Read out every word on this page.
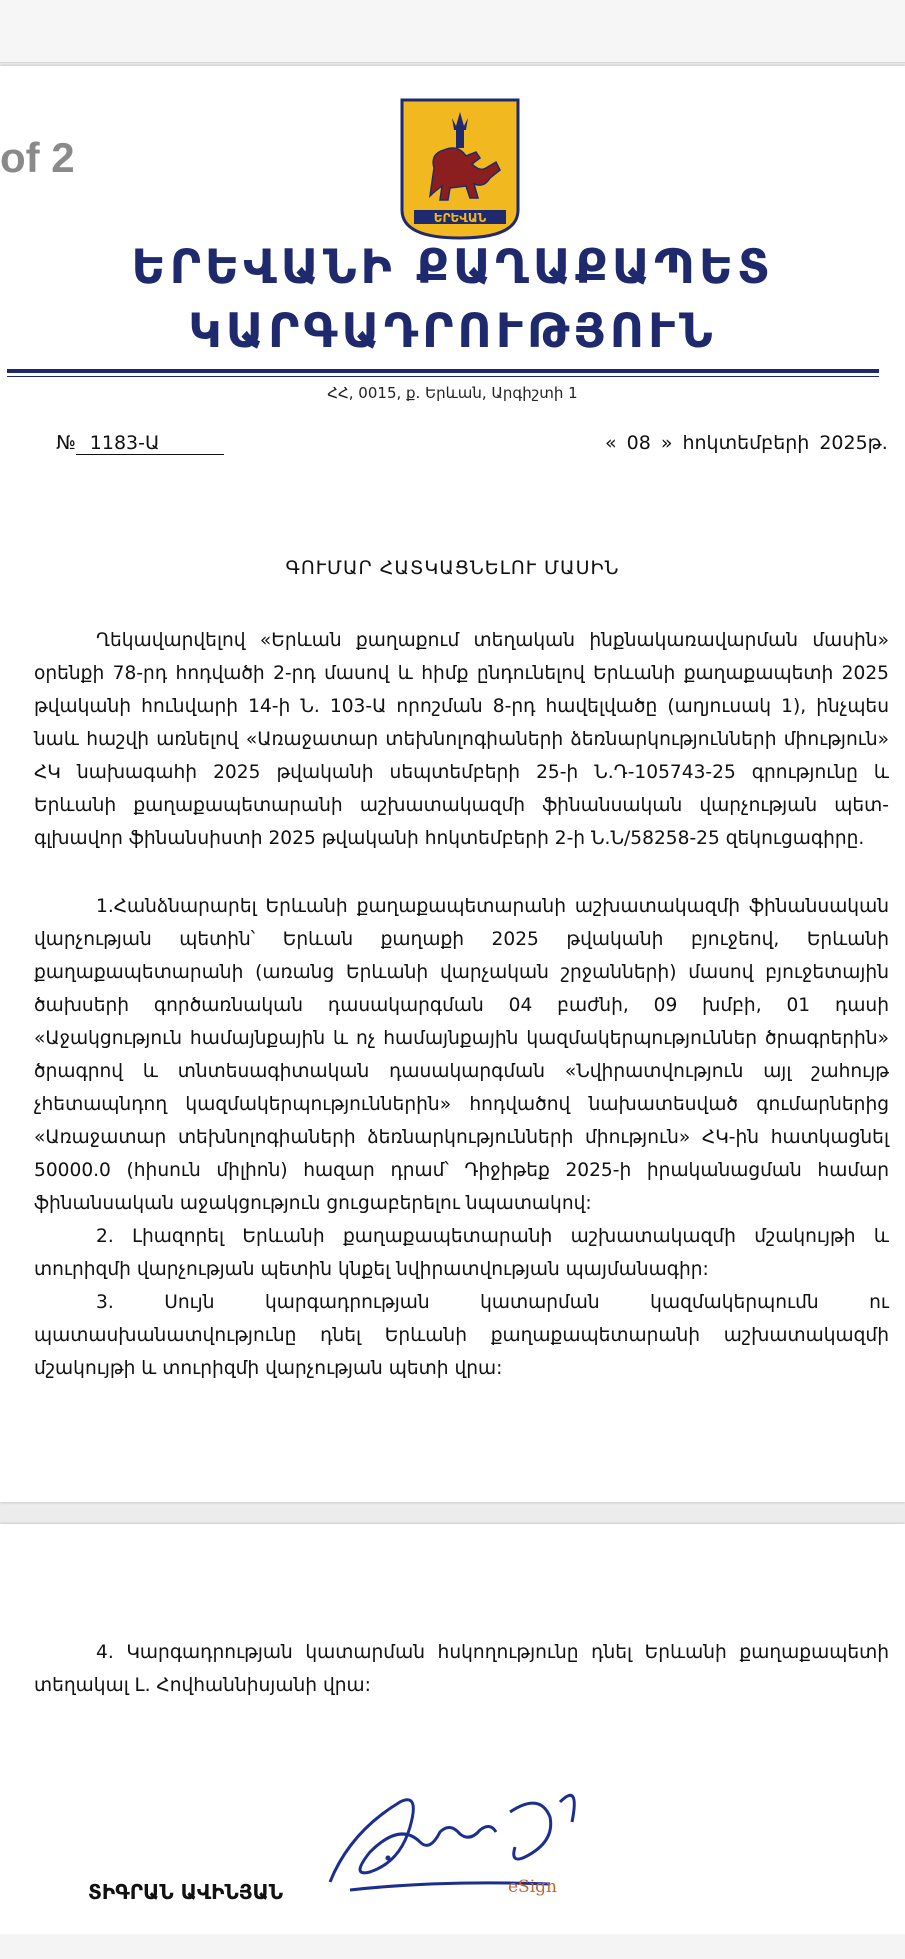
of 2
ԵՐԵՎԱՆ
ԵՐԵՎԱՆԻ ՔԱՂԱՔԱՊԵՏ
ԿԱՐԳԱԴՐՈՒԹՅՈՒՆ
ՀՀ, 0015, ք. Երևան, Արգիշտի 1
№ 1183-Ա	« 08 » հոկտեմբերի 2025թ.
ԳՈՒՄԱՐ ՀԱՏԿԱՑՆԵԼՈՒ ՄԱՍԻՆ

Ղեկավարվելով «Երևան քաղաքում տեղական ինքնակառավարման մասին» օրենքի 78-րդ հոդվածի 2-րդ մասով և հիմք ընդունելով Երևանի քաղաքապետի 2025 թվականի հունվարի 14-ի Ն. 103-Ա որոշման 8-րդ հավելվածը (աղյուսակ 1), ինչպես նաև հաշվի առնելով «Առաջատար տեխնոլոգիաների ձեռնարկությունների միություն» ՀԿ նախագահի 2025 թվականի սեպտեմբերի 25-ի Ն.Դ-105743-25 գրությունը և Երևանի քաղաքապետարանի աշխատակազմի ֆինանսական վարչության պետ-գլխավոր ֆինանսիստի 2025 թվականի հոկտեմբերի 2-ի Ն.Ն/58258-25 զեկուցագիրը.

1.Հանձնարարել Երևանի քաղաքապետարանի աշխատակազմի ֆինանսական վարչության պետին՝ Երևան քաղաքի 2025 թվականի բյուջեով, Երևանի քաղաքապետարանի (առանց Երևանի վարչական շրջանների) մասով բյուջետային ծախսերի գործառնական դասակարգման 04 բաժնի, 09 խմբի, 01 դասի «Աջակցություն համայնքային և ոչ համայնքային կազմակերպություններ ծրագրերին» ծրագրով և տնտեսագիտական դասակարգման «Նվիրատվություն այլ շահույթ չհետապնդող կազմակերպություններին» հոդվածով նախատեսված գումարներից «Առաջատար տեխնոլոգիաների ձեռնարկությունների միություն» ՀԿ-ին հատկացնել 50000.0 (հիսուն միլիոն) հազար դրամ՝ Դիջիթեք 2025-ի իրականացման համար ֆինանսական աջակցություն ցուցաբերելու նպատակով:

2. Լիազորել Երևանի քաղաքապետարանի աշխատակազմի մշակույթի և տուրիզմի վարչության պետին կնքել նվիրատվության պայմանագիր:

3. Սույն կարգադրության կատարման կազմակերպումն ու պատասխանատվությունը դնել Երևանի քաղաքապետարանի աշխատակազմի մշակույթի և տուրիզմի վարչության պետի վրա:

4. Կարգադրության կատարման հսկողությունը դնել Երևանի քաղաքապետի տեղակալ Լ. Հովհաննիսյանի վրա:

ՏԻԳՐԱՆ ԱՎԻՆՅԱՆ	eSign
